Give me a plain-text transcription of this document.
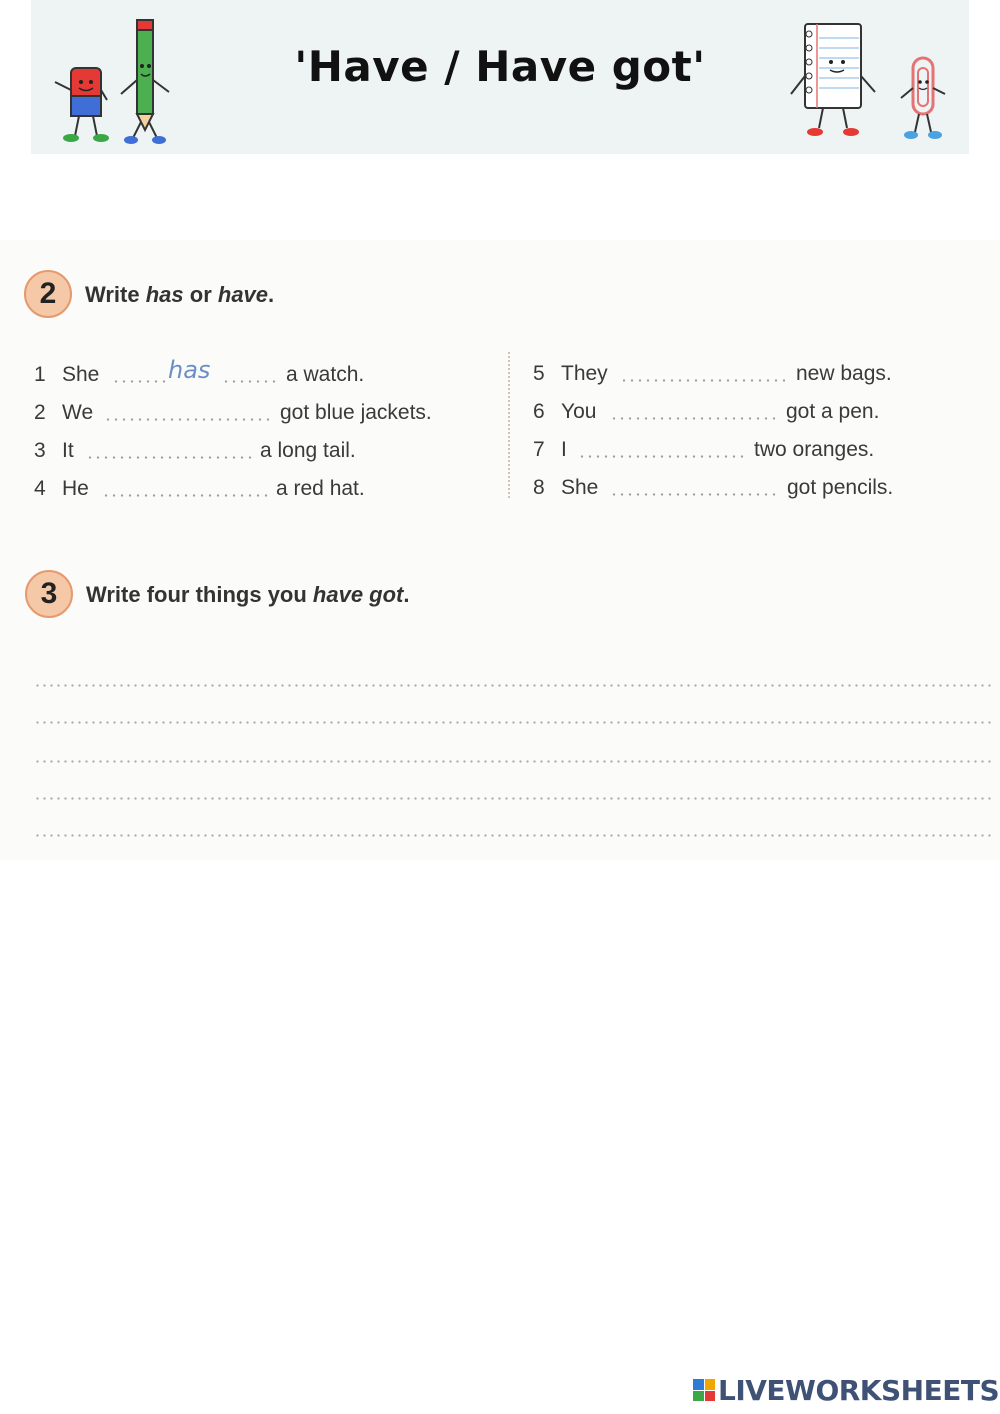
'Have / Have got'
2	Write has or have.
1 She	has	a watch.
2 We	got blue jackets.
3 It	a long tail.
4 He	a red hat.
5 They	new bags.
6 You	got a pen.
7 I	two oranges.
8 She	got pencils.
3	Write four things you have got.
LIVEWORKSHEETS
